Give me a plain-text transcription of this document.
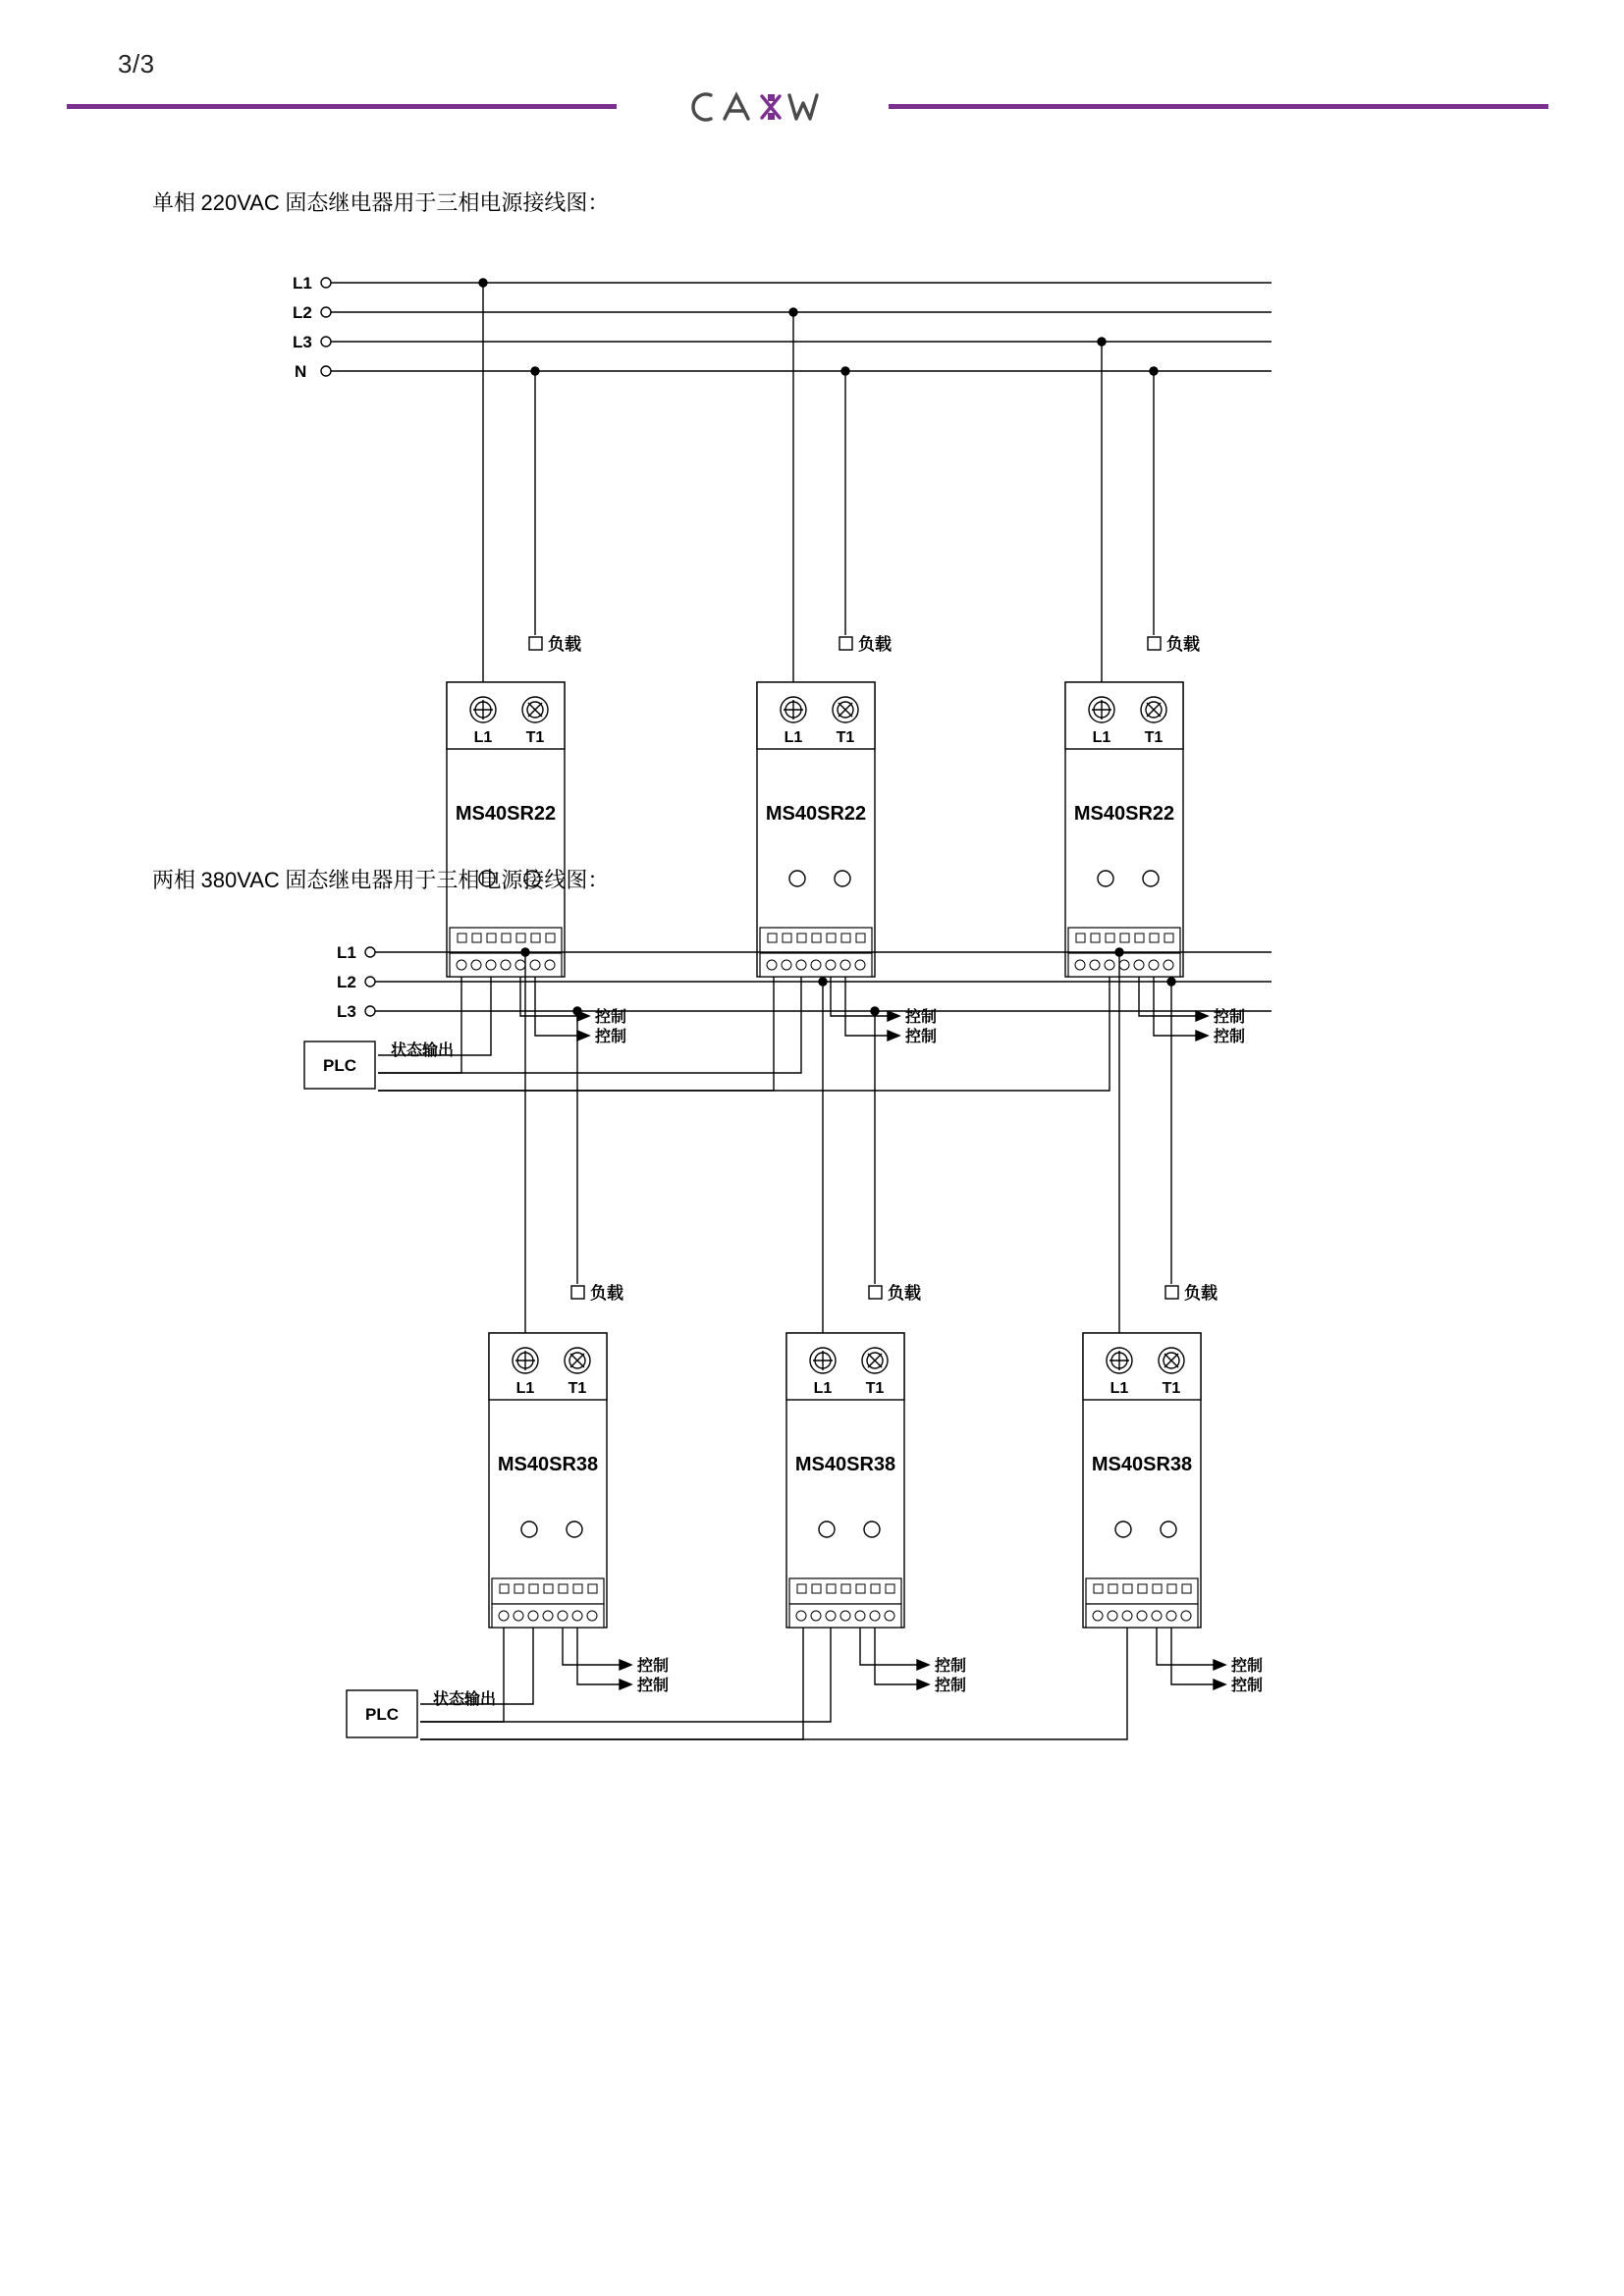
3/3
单相 220VAC 固态继电器用于三相电源接线图：
L1
L2
L3
N
负载	负载	负载
L1 T1
MS40SR22
L1 T1
MS40SR22
L1 T1
MS40SR22
控制
控制
控制
控制
控制
控制
状态输出
PLC
两相 380VAC 固态继电器用于三相电源接线图：
L1
L2
L3
负载	负载	负载
L1 T1
MS40SR38
L1 T1
MS40SR38
L1 T1
MS40SR38
控制
控制
控制
控制
控制
控制
状态输出
PLC
